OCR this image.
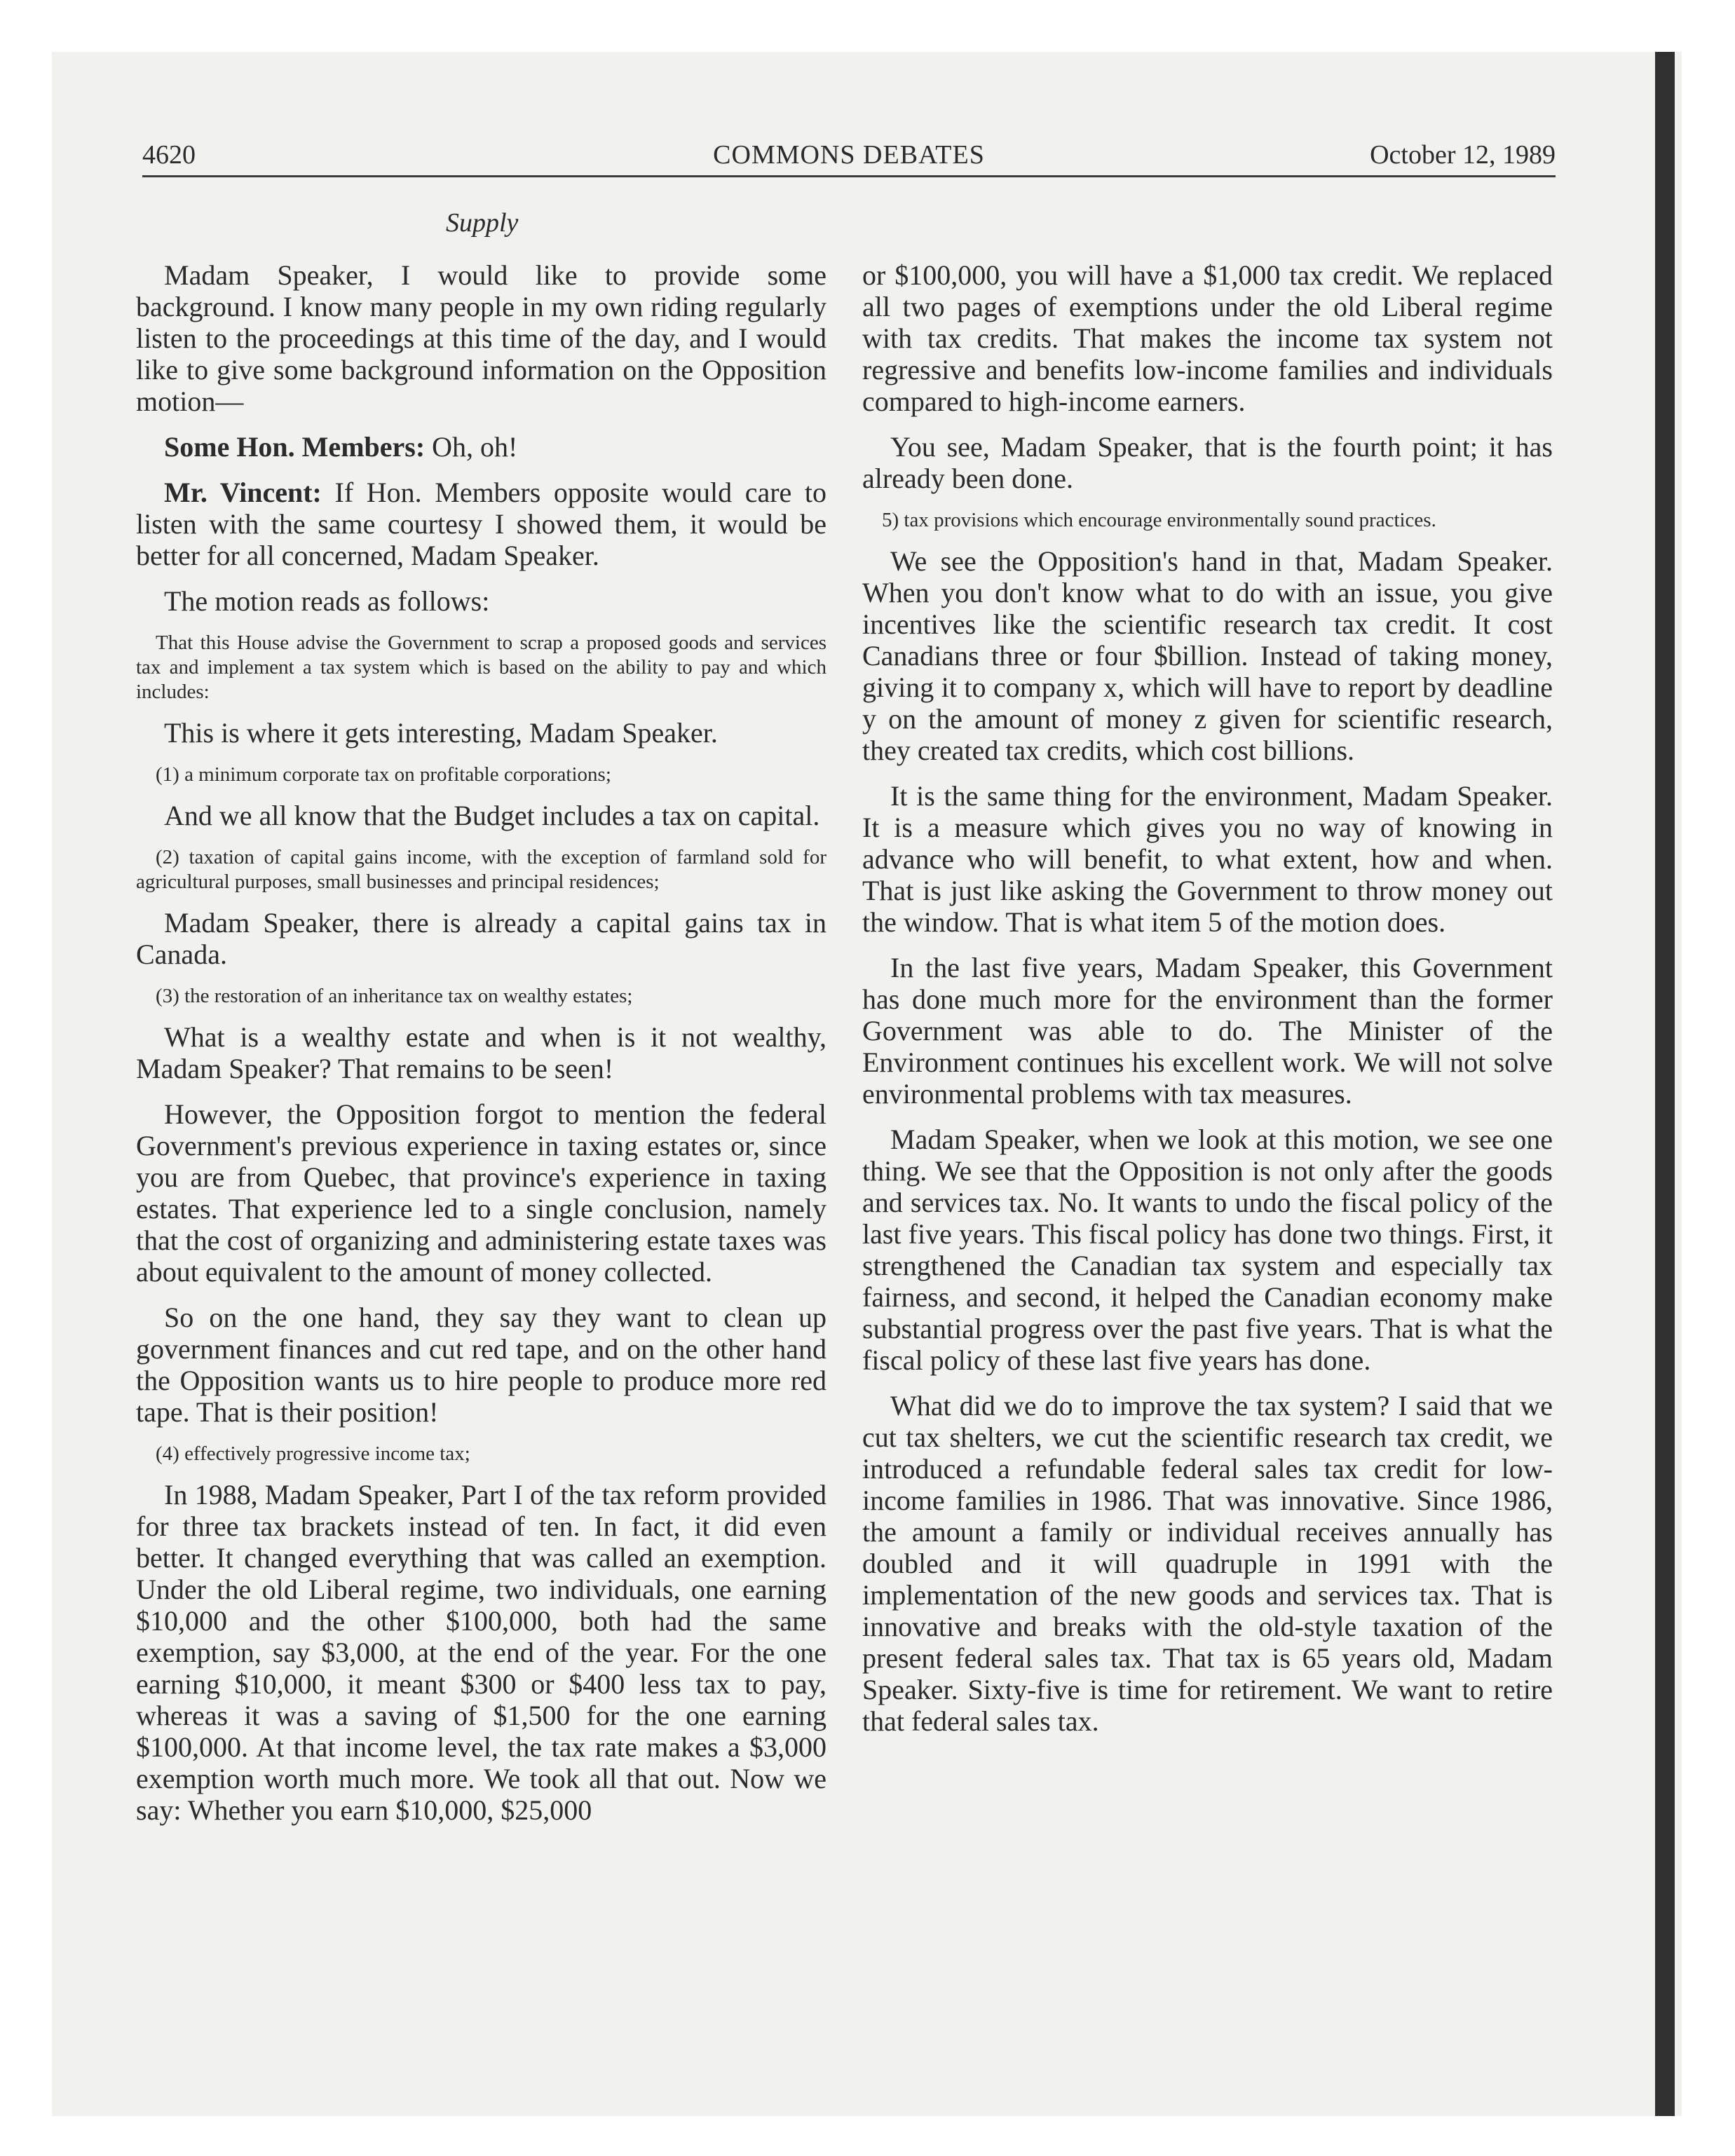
4620	COMMONS DEBATES	October 12, 1989
Supply

Madam Speaker, I would like to provide some background. I know many people in my own riding regularly listen to the proceedings at this time of the day, and I would like to give some background information on the Opposition motion—

Some Hon. Members: Oh, oh!

Mr. Vincent: If Hon. Members opposite would care to listen with the same courtesy I showed them, it would be better for all concerned, Madam Speaker.

The motion reads as follows:

That this House advise the Government to scrap a proposed goods and services tax and implement a tax system which is based on the ability to pay and which includes:

This is where it gets interesting, Madam Speaker.

(1) a minimum corporate tax on profitable corporations;

And we all know that the Budget includes a tax on capital.

(2) taxation of capital gains income, with the exception of farmland sold for agricultural purposes, small businesses and principal residences;

Madam Speaker, there is already a capital gains tax in Canada.

(3) the restoration of an inheritance tax on wealthy estates;

What is a wealthy estate and when is it not wealthy, Madam Speaker? That remains to be seen!

However, the Opposition forgot to mention the federal Government's previous experience in taxing estates or, since you are from Quebec, that province's experience in taxing estates. That experience led to a single conclusion, namely that the cost of organizing and administering estate taxes was about equivalent to the amount of money collected.

So on the one hand, they say they want to clean up government finances and cut red tape, and on the other hand the Opposition wants us to hire people to produce more red tape. That is their position!

(4) effectively progressive income tax;

In 1988, Madam Speaker, Part I of the tax reform provided for three tax brackets instead of ten. In fact, it did even better. It changed everything that was called an exemption. Under the old Liberal regime, two individuals, one earning $10,000 and the other $100,000, both had the same exemption, say $3,000, at the end of the year. For the one earning $10,000, it meant $300 or $400 less tax to pay, whereas it was a saving of $1,500 for the one earning $100,000. At that income level, the tax rate makes a $3,000 exemption worth much more. We took all that out. Now we say: Whether you earn $10,000, $25,000

or $100,000, you will have a $1,000 tax credit. We replaced all two pages of exemptions under the old Liberal regime with tax credits. That makes the income tax system not regressive and benefits low-income families and individuals compared to high-income earners.

You see, Madam Speaker, that is the fourth point; it has already been done.

5) tax provisions which encourage environmentally sound practices.

We see the Opposition's hand in that, Madam Speaker. When you don't know what to do with an issue, you give incentives like the scientific research tax credit. It cost Canadians three or four $billion. Instead of taking money, giving it to company x, which will have to report by deadline y on the amount of money z given for scientific research, they created tax credits, which cost billions.

It is the same thing for the environment, Madam Speaker. It is a measure which gives you no way of knowing in advance who will benefit, to what extent, how and when. That is just like asking the Government to throw money out the window. That is what item 5 of the motion does.

In the last five years, Madam Speaker, this Government has done much more for the environment than the former Government was able to do. The Minister of the Environment continues his excellent work. We will not solve environmental problems with tax measures.

Madam Speaker, when we look at this motion, we see one thing. We see that the Opposition is not only after the goods and services tax. No. It wants to undo the fiscal policy of the last five years. This fiscal policy has done two things. First, it strengthened the Canadian tax system and especially tax fairness, and second, it helped the Canadian economy make substantial progress over the past five years. That is what the fiscal policy of these last five years has done.

What did we do to improve the tax system? I said that we cut tax shelters, we cut the scientific research tax credit, we introduced a refundable federal sales tax credit for low-income families in 1986. That was innovative. Since 1986, the amount a family or individual receives annually has doubled and it will quadruple in 1991 with the implementation of the new goods and services tax. That is innovative and breaks with the old-style taxation of the present federal sales tax. That tax is 65 years old, Madam Speaker. Sixty-five is time for retirement. We want to retire that federal sales tax.
